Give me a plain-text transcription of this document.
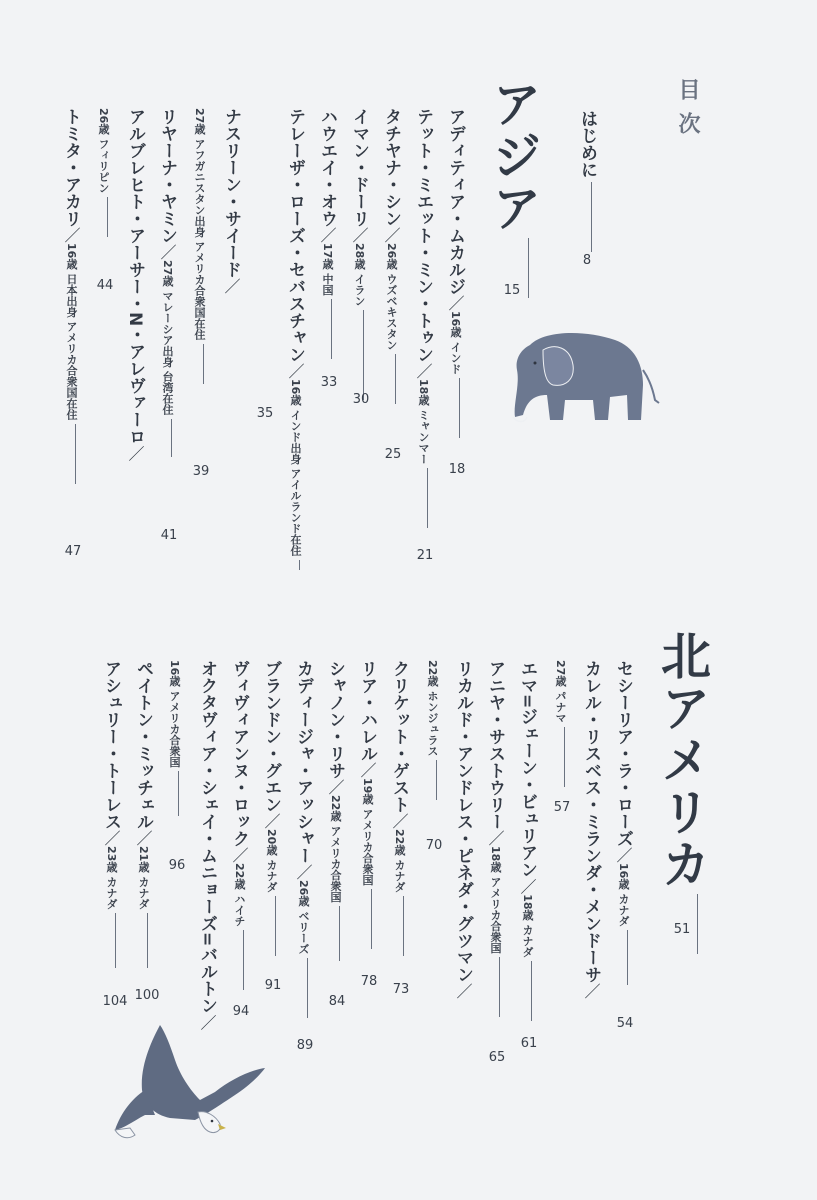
目次
はじめに
8
アジア
15
アディティア・ムカルジ／16歳 インド
18
テット・ミエット・ミン・トゥン／18歳 ミャンマー
21
タチヤナ・シン／26歳 ウズベキスタン
25
イマン・ドーリ／28歳 イラン
30
ハウエイ・オウ／17歳 中国
33
テレーザ・ローズ・セバスチャン／16歳 インド出身 アイルランド在住
35
ナスリーン・サイード／
27歳 アフガニスタン出身 アメリカ合衆国在住
39
リヤーナ・ヤミン／27歳 マレーシア出身 台湾在住
41
アルブレヒト・アーサー・N・アレヴァーロ／
26歳 フィリピン
44
トミタ・アカリ／16歳 日本出身 アメリカ合衆国在住
47
北アメリカ
51
セシーリア・ラ・ローズ／16歳 カナダ
54
カレル・リスベス・ミランダ・メンドーサ／
27歳 パナマ
57
エマ=ジェーン・ビュリアン／18歳 カナダ
61
アニヤ・サストウリー／18歳 アメリカ合衆国
65
リカルド・アンドレス・ピネダ・グツマン／
22歳 ホンジュラス
70
クリケット・ゲスト／22歳 カナダ
73
リア・ハレル／19歳 アメリカ合衆国
78
シャノン・リサ／22歳 アメリカ合衆国
84
カディージャ・アッシャー／26歳 ベリーズ
89
ブランドン・グエン／20歳 カナダ
91
ヴィヴィアンヌ・ロック／22歳 ハイチ
94
オクタヴィア・シェイ・ムニョーズ=バルトン／
16歳 アメリカ合衆国
96
ペイトン・ミッチェル／21歳 カナダ
100
アシュリー・トーレス／23歳 カナダ
104
